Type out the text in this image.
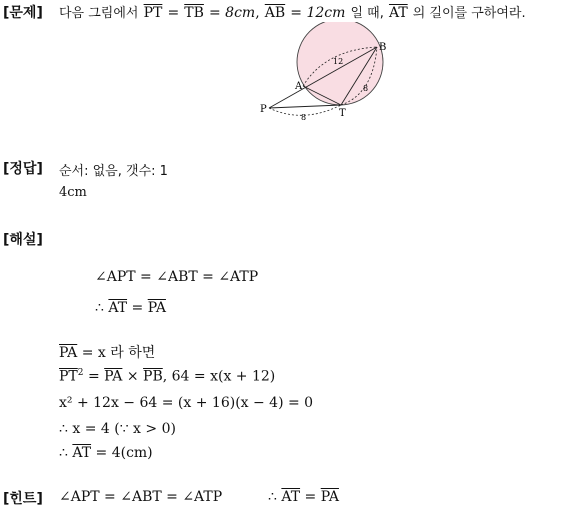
[문제] 다음 그림에서 $\overline{PT} = \overline{TB} = 8cm$, $\overline{AB} = 12cm$ 일 때, $\overline{AT}$ 의 길이를 구하여라.
P
A
B
T
12
8
8
[정답] 순서: 없음, 갯수: 1
4cm
[해설]
∠APT = ∠ABT = ∠ATP
∴ $\overline{AT} = \overline{PA}$
$\overline{PA} = x$ 라 하면
$\overline{PT}^2 = \overline{PA} \times \overline{PB}$, 64 = x(x + 12)
x² + 12x − 64 = (x + 16)(x − 4) = 0
∴ x = 4 (∵ x > 0)
∴ $\overline{AT} = 4(cm)$
[힌트] ∠APT = ∠ABT = ∠ATP	∴ $\overline{AT} = \overline{PA}$
